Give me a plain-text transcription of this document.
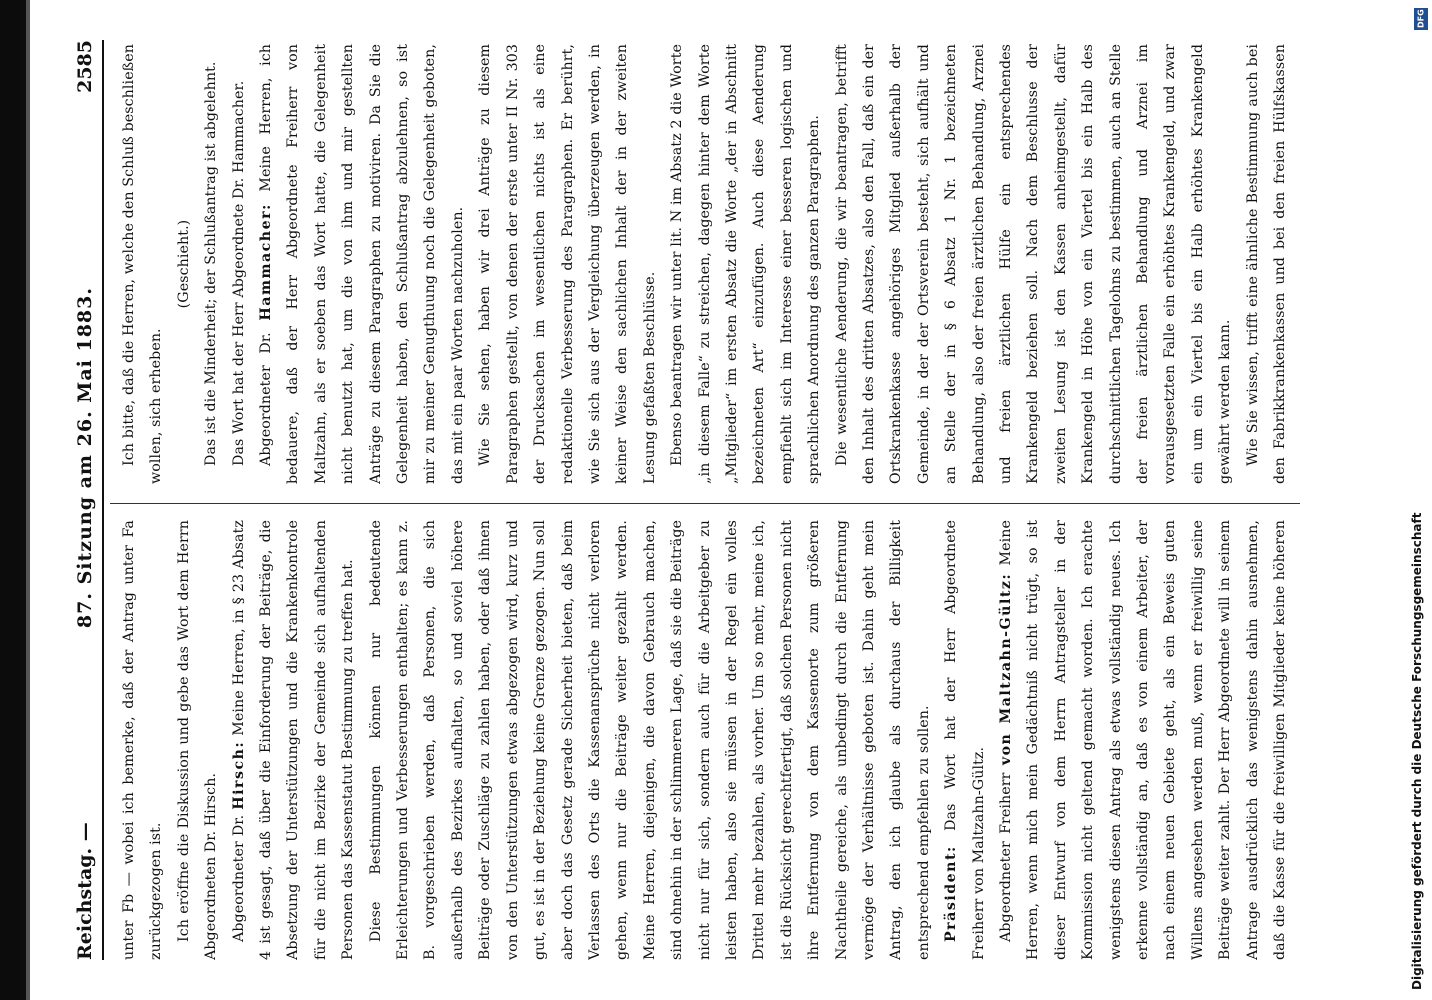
Reichstag. —
87. Sitzung am 26. Mai 1883.
2585

unter Fb — wobei ich bemerke, daß der Antrag unter Fa zurückgezogen ist. Ich eröffne die Diskussion und gebe das Wort dem Herrn Abgeordneten Dr. Hirsch. Abgeordneter Dr. Hirsch: Meine Herren, in § 23 Absatz 4 ist gesagt, daß über die Einforderung der Beiträge, die Absetzung der Unterstützungen und die Krankenkontrole für die nicht im Bezirke der Gemeinde sich aufhaltenden Personen das Kassenstatut Bestimmung zu treffen hat. Diese Bestimmungen können nur bedeutende Erleichterungen und Verbesserungen enthalten; es kann z. B. vorgeschrieben werden, daß Personen, die sich außerhalb des Bezirkes aufhalten, so und soviel höhere Beiträge oder Zuschläge zu zahlen haben, oder daß ihnen von den Unterstützungen etwas abgezogen wird, kurz und gut, es ist in der Beziehung keine Grenze gezogen. Nun soll aber doch das Gesetz gerade Sicherheit bieten, daß beim Verlassen des Orts die Kassenansprüche nicht verloren gehen, wenn nur die Beiträge weiter gezahlt werden. Meine Herren, diejenigen, die davon Gebrauch machen, sind ohnehin in der schlimmeren Lage, daß sie die Beiträge nicht nur für sich, sondern auch für die Arbeitgeber zu leisten haben, also sie müssen in der Regel ein volles Drittel mehr bezahlen, als vorher. Um so mehr, meine ich, ist die Rücksicht gerechtfertigt, daß solchen Personen nicht ihre Entfernung von dem Kassenorte zum größeren Nachtheile gereiche, als unbedingt durch die Entfernung vermöge der Verhältnisse geboten ist. Dahin geht mein Antrag, den ich glaube als durchaus der Billigkeit entsprechend empfehlen zu sollen. Präsident: Das Wort hat der Herr Abgeordnete Freiherr von Maltzahn-Gültz. Abgeordneter Freiherr von Maltzahn-Gültz: Meine Herren, wenn mich mein Gedächtniß nicht trügt, so ist dieser Entwurf von dem Herrn Antragsteller in der Kommission nicht geltend gemacht worden. Ich erachte wenigstens diesen Antrag als etwas vollständig neues. Ich erkenne vollständig an, daß es von einem Arbeiter, der nach einem neuen Gebiete geht, als ein Beweis guten Willens angesehen werden muß, wenn er freiwillig seine Beiträge weiter zahlt. Der Herr Abgeordnete will in seinem Antrage ausdrücklich das wenigstens dahin ausnehmen, daß die Kasse für die freiwilligen Mitglieder keine höheren

Ich bitte, daß die Herren, welche den Schluß beschließen wollen, sich erheben.

(Geschieht.) Das ist die Minderheit; der Schlußantrag ist abgelehnt. Das Wort hat der Herr Abgeordnete Dr. Hammacher. Abgeordneter Dr. Hammacher: Meine Herren, ich bedauere, daß der Herr Abgeordnete Freiherr von Maltzahn, als er soeben das Wort hatte, die Gelegenheit nicht benutzt hat, um die von ihm und mir gestellten Anträge zu diesem Paragraphen zu motiviren. Da Sie die Gelegenheit haben, den Schlußantrag abzulehnen, so ist mir zu meiner Genugthuung noch die Gelegenheit geboten, das mit ein paar Worten nachzuholen. Wie Sie sehen, haben wir drei Anträge zu diesem Paragraphen gestellt, von denen der erste unter II Nr. 303 der Drucksachen im wesentlichen nichts ist als eine redaktionelle Verbesserung des Paragraphen. Er berührt, wie Sie sich aus der Vergleichung überzeugen werden, in keiner Weise den sachlichen Inhalt der in der zweiten Lesung gefaßten Beschlüsse. Ebenso beantragen wir unter lit. N im Absatz 2 die Worte „in diesem Falle“ zu streichen, dagegen hinter dem Worte „Mitglieder“ im ersten Absatz die Worte „der in Abschnitt bezeichneten Art“ einzufügen. Auch diese Aenderung empfiehlt sich im Interesse einer besseren logischen und sprachlichen Anordnung des ganzen Paragraphen. Die wesentliche Aenderung, die wir beantragen, betrifft den Inhalt des dritten Absatzes, also den Fall, daß ein der Ortskrankenkasse angehöriges Mitglied außerhalb der Gemeinde, in der der Ortsverein besteht, sich aufhält und an Stelle der in § 6 Absatz 1 Nr. 1 bezeichneten Behandlung, also der freien ärztlichen Behandlung, Arznei und freien ärztlichen Hülfe ein entsprechendes Krankengeld beziehen soll. Nach dem Beschlusse der zweiten Lesung ist den Kassen anheimgestellt, dafür Krankengeld in Höhe von ein Viertel bis ein Halb des durchschnittlichen Tagelohns zu bestimmen, auch an Stelle der freien ärztlichen Behandlung und Arznei im vorausgesetzten Falle ein erhöhtes Krankengeld, und zwar ein um ein Viertel bis ein Halb erhöhtes Krankengeld gewährt werden kann. Wie Sie wissen, trifft eine ähnliche Bestimmung auch bei den Fabrikkrankenkassen und bei den freien Hülfskassen

DFG
Digitalisierung gefördert durch die Deutsche Forschungsgemeinschaft
